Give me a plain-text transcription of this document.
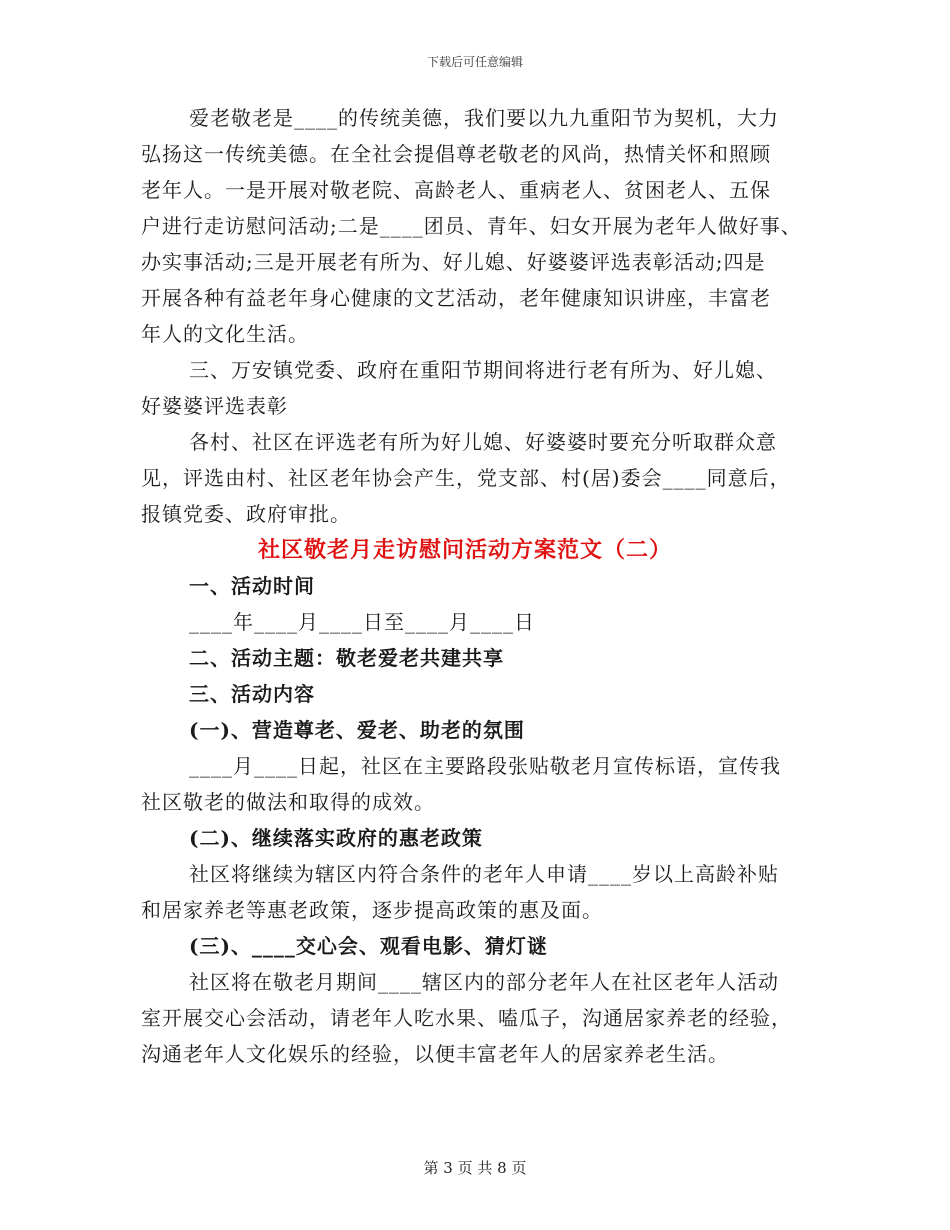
下载后可任意编辑
爱老敬老是____的传统美德，我们要以九九重阳节为契机，大力
弘扬这一传统美德。在全社会提倡尊老敬老的风尚，热情关怀和照顾
老年人。一是开展对敬老院、高龄老人、重病老人、贫困老人、五保
户进行走访慰问活动;二是____团员、青年、妇女开展为老年人做好事、
办实事活动;三是开展老有所为、好儿媳、好婆婆评选表彰活动;四是
开展各种有益老年身心健康的文艺活动，老年健康知识讲座，丰富老
年人的文化生活。
三、万安镇党委、政府在重阳节期间将进行老有所为、好儿媳、
好婆婆评选表彰
各村、社区在评选老有所为好儿媳、好婆婆时要充分听取群众意
见，评选由村、社区老年协会产生，党支部、村(居)委会____同意后，
报镇党委、政府审批。
社区敬老月走访慰问活动方案范文（二）
一、活动时间
____年____月____日至____月____日
二、活动主题：敬老爱老共建共享
三、活动内容
(一)、营造尊老、爱老、助老的氛围
____月____日起，社区在主要路段张贴敬老月宣传标语，宣传我
社区敬老的做法和取得的成效。
(二)、继续落实政府的惠老政策
社区将继续为辖区内符合条件的老年人申请____岁以上高龄补贴
和居家养老等惠老政策，逐步提高政策的惠及面。
(三)、____交心会、观看电影、猜灯谜
社区将在敬老月期间____辖区内的部分老年人在社区老年人活动
室开展交心会活动，请老年人吃水果、嗑瓜子，沟通居家养老的经验，
沟通老年人文化娱乐的经验，以便丰富老年人的居家养老生活。
第 3 页 共 8 页
